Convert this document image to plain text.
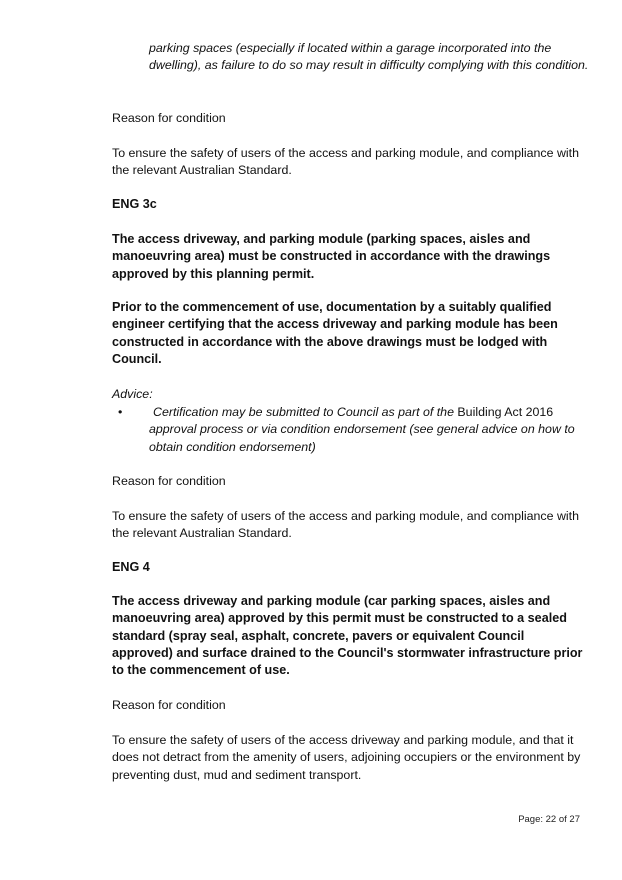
parking spaces (especially if located within a garage incorporated into the dwelling), as failure to do so may result in difficulty complying with this condition.

Reason for condition

To ensure the safety of users of the access and parking module, and compliance with the relevant Australian Standard.

ENG 3c

The access driveway, and parking module (parking spaces, aisles and manoeuvring area) must be constructed in accordance with the drawings approved by this planning permit.

Prior to the commencement of use, documentation by a suitably qualified engineer certifying that the access driveway and parking module has been constructed in accordance with the above drawings must be lodged with Council.

Advice:

•	Certification may be submitted to Council as part of the Building Act 2016 approval process or via condition endorsement (see general advice on how to obtain condition endorsement)

Reason for condition

To ensure the safety of users of the access and parking module, and compliance with the relevant Australian Standard.

ENG 4

The access driveway and parking module (car parking spaces, aisles and manoeuvring area) approved by this permit must be constructed to a sealed standard (spray seal, asphalt, concrete, pavers or equivalent Council approved) and surface drained to the Council's stormwater infrastructure prior to the commencement of use.

Reason for condition

To ensure the safety of users of the access driveway and parking module, and that it does not detract from the amenity of users, adjoining occupiers or the environment by preventing dust, mud and sediment transport.

Page: 22 of 27
